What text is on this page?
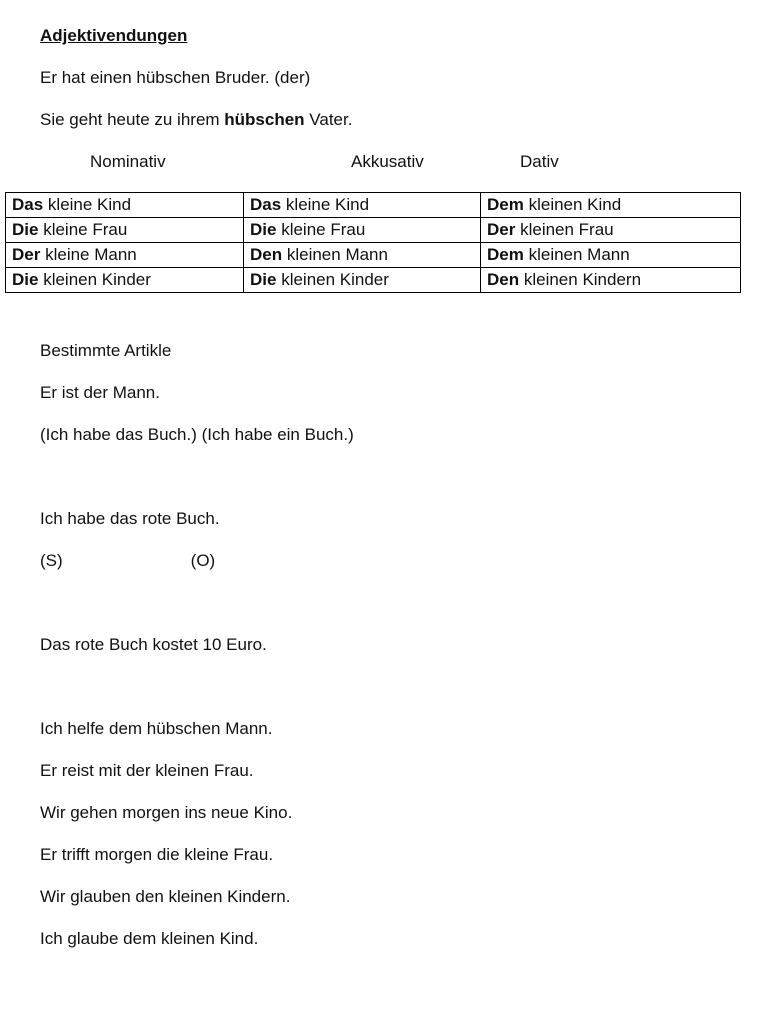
Adjektivendungen
Er hat einen hübschen Bruder. (der)
Sie geht heute zu ihrem hübschen Vater.
Nominativ	Akkusativ	Dativ
Das kleine Kind	Das kleine Kind	Dem kleinen Kind
Die kleine Frau	Die kleine Frau	Der kleinen Frau
Der kleine Mann	Den kleinen Mann	Dem kleinen Mann
Die kleinen Kinder	Die kleinen Kinder	Den kleinen Kindern
Bestimmte Artikle
Er ist der Mann.
(Ich habe das Buch.) (Ich habe ein Buch.)
Ich habe das rote Buch.
(S)	(O)
Das rote Buch kostet 10 Euro.
Ich helfe dem hübschen Mann.
Er reist mit der kleinen Frau.
Wir gehen morgen ins neue Kino.
Er trifft morgen die kleine Frau.
Wir glauben den kleinen Kindern.
Ich glaube dem kleinen Kind.
